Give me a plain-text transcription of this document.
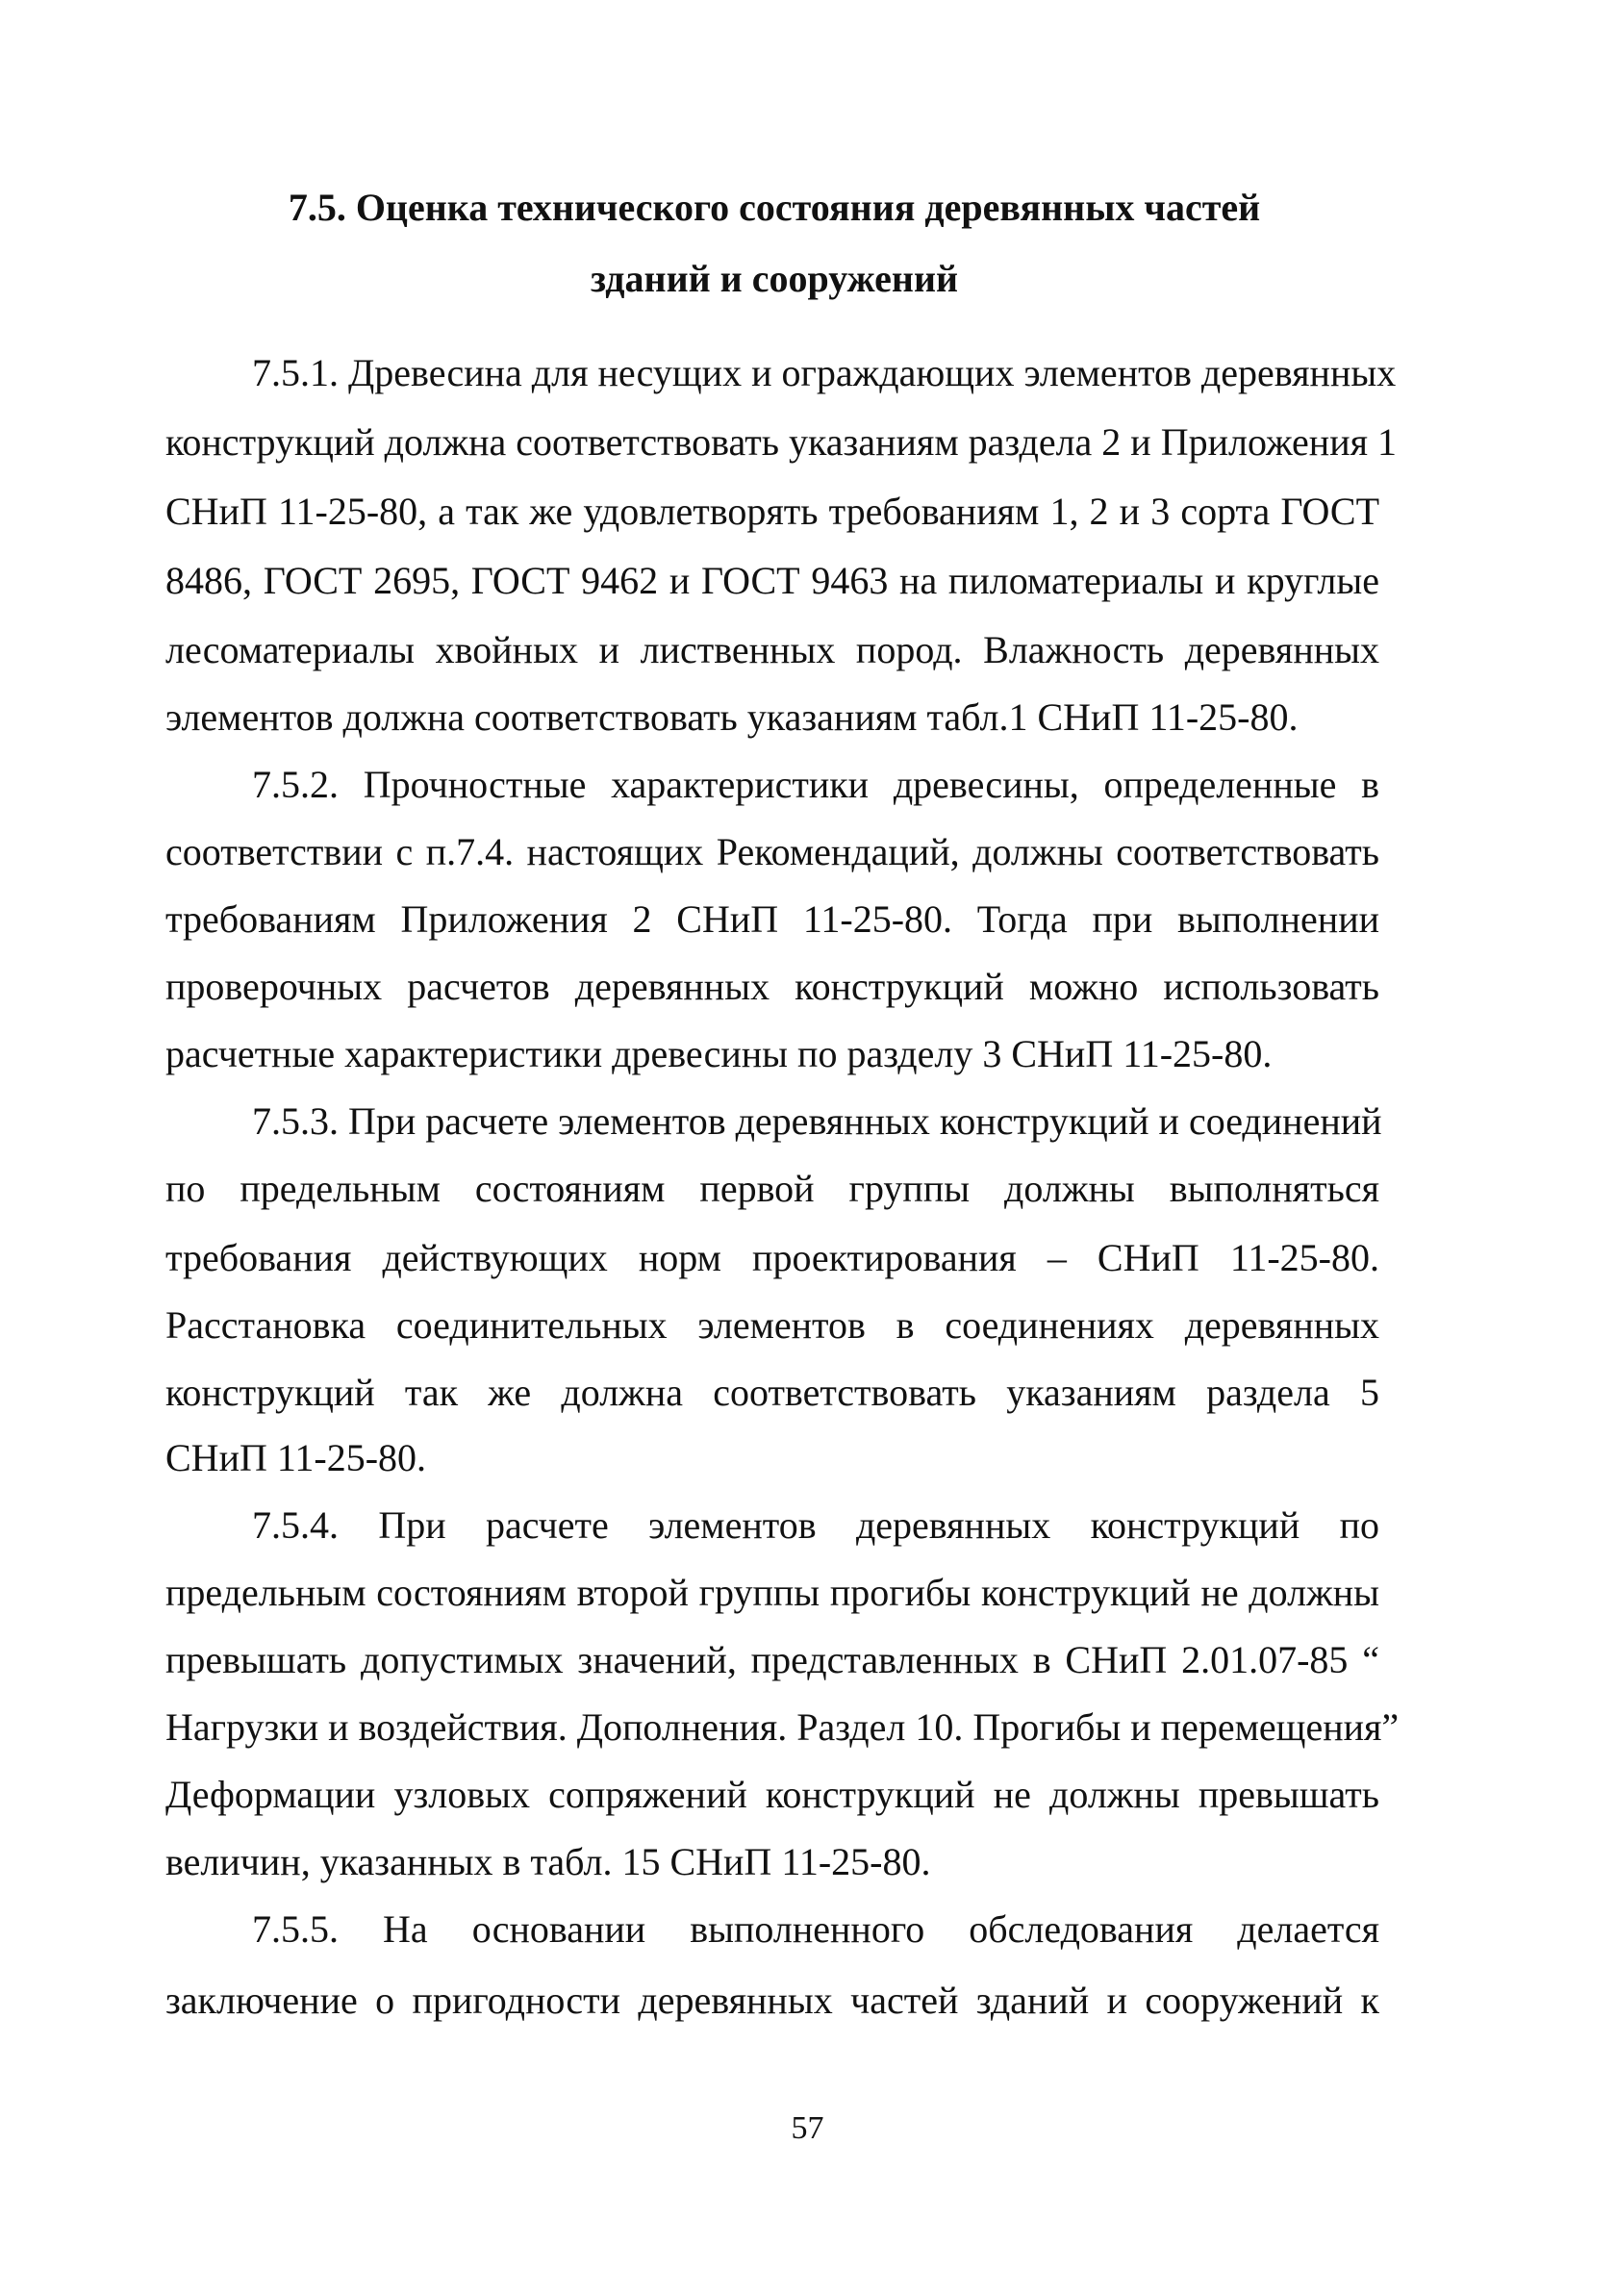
7.5. Оценка технического состояния деревянных частей
зданий и сооружений

7.5.1. Древесина для несущих и ограждающих элементов деревянных

конструкций должна соответствовать указаниям раздела 2 и Приложения 1

СНиП 11-25-80, а так же удовлетворять требованиям 1, 2 и 3 сорта ГОСТ

8486, ГОСТ 2695, ГОСТ 9462 и ГОСТ 9463 на пиломатериалы и круглые

лесоматериалы хвойных и лиственных пород. Влажность деревянных

элементов должна соответствовать указаниям табл.1 СНиП 11-25-80.

7.5.2. Прочностные характеристики древесины, определенные в

соответствии с п.7.4. настоящих Рекомендаций, должны соответствовать

требованиям Приложения 2 СНиП 11-25-80. Тогда при выполнении

проверочных расчетов деревянных конструкций можно использовать

расчетные характеристики древесины по разделу 3 СНиП 11-25-80.

7.5.3. При расчете элементов деревянных конструкций и соединений

по предельным состояниям первой группы должны выполняться

требования действующих норм проектирования – СНиП 11-25-80.

Расстановка соединительных элементов в соединениях деревянных

конструкций так же должна соответствовать указаниям раздела 5

СНиП 11-25-80.

7.5.4. При расчете элементов деревянных конструкций по

предельным состояниям второй группы прогибы конструкций не должны

превышать допустимых значений, представленных в СНиП 2.01.07-85 “

Нагрузки и воздействия. Дополнения. Раздел 10. Прогибы и перемещения”

Деформации узловых сопряжений конструкций не должны превышать

величин, указанных в табл. 15 СНиП 11-25-80.

7.5.5. На основании выполненного обследования делается

заключение о пригодности деревянных частей зданий и сооружений к

57
